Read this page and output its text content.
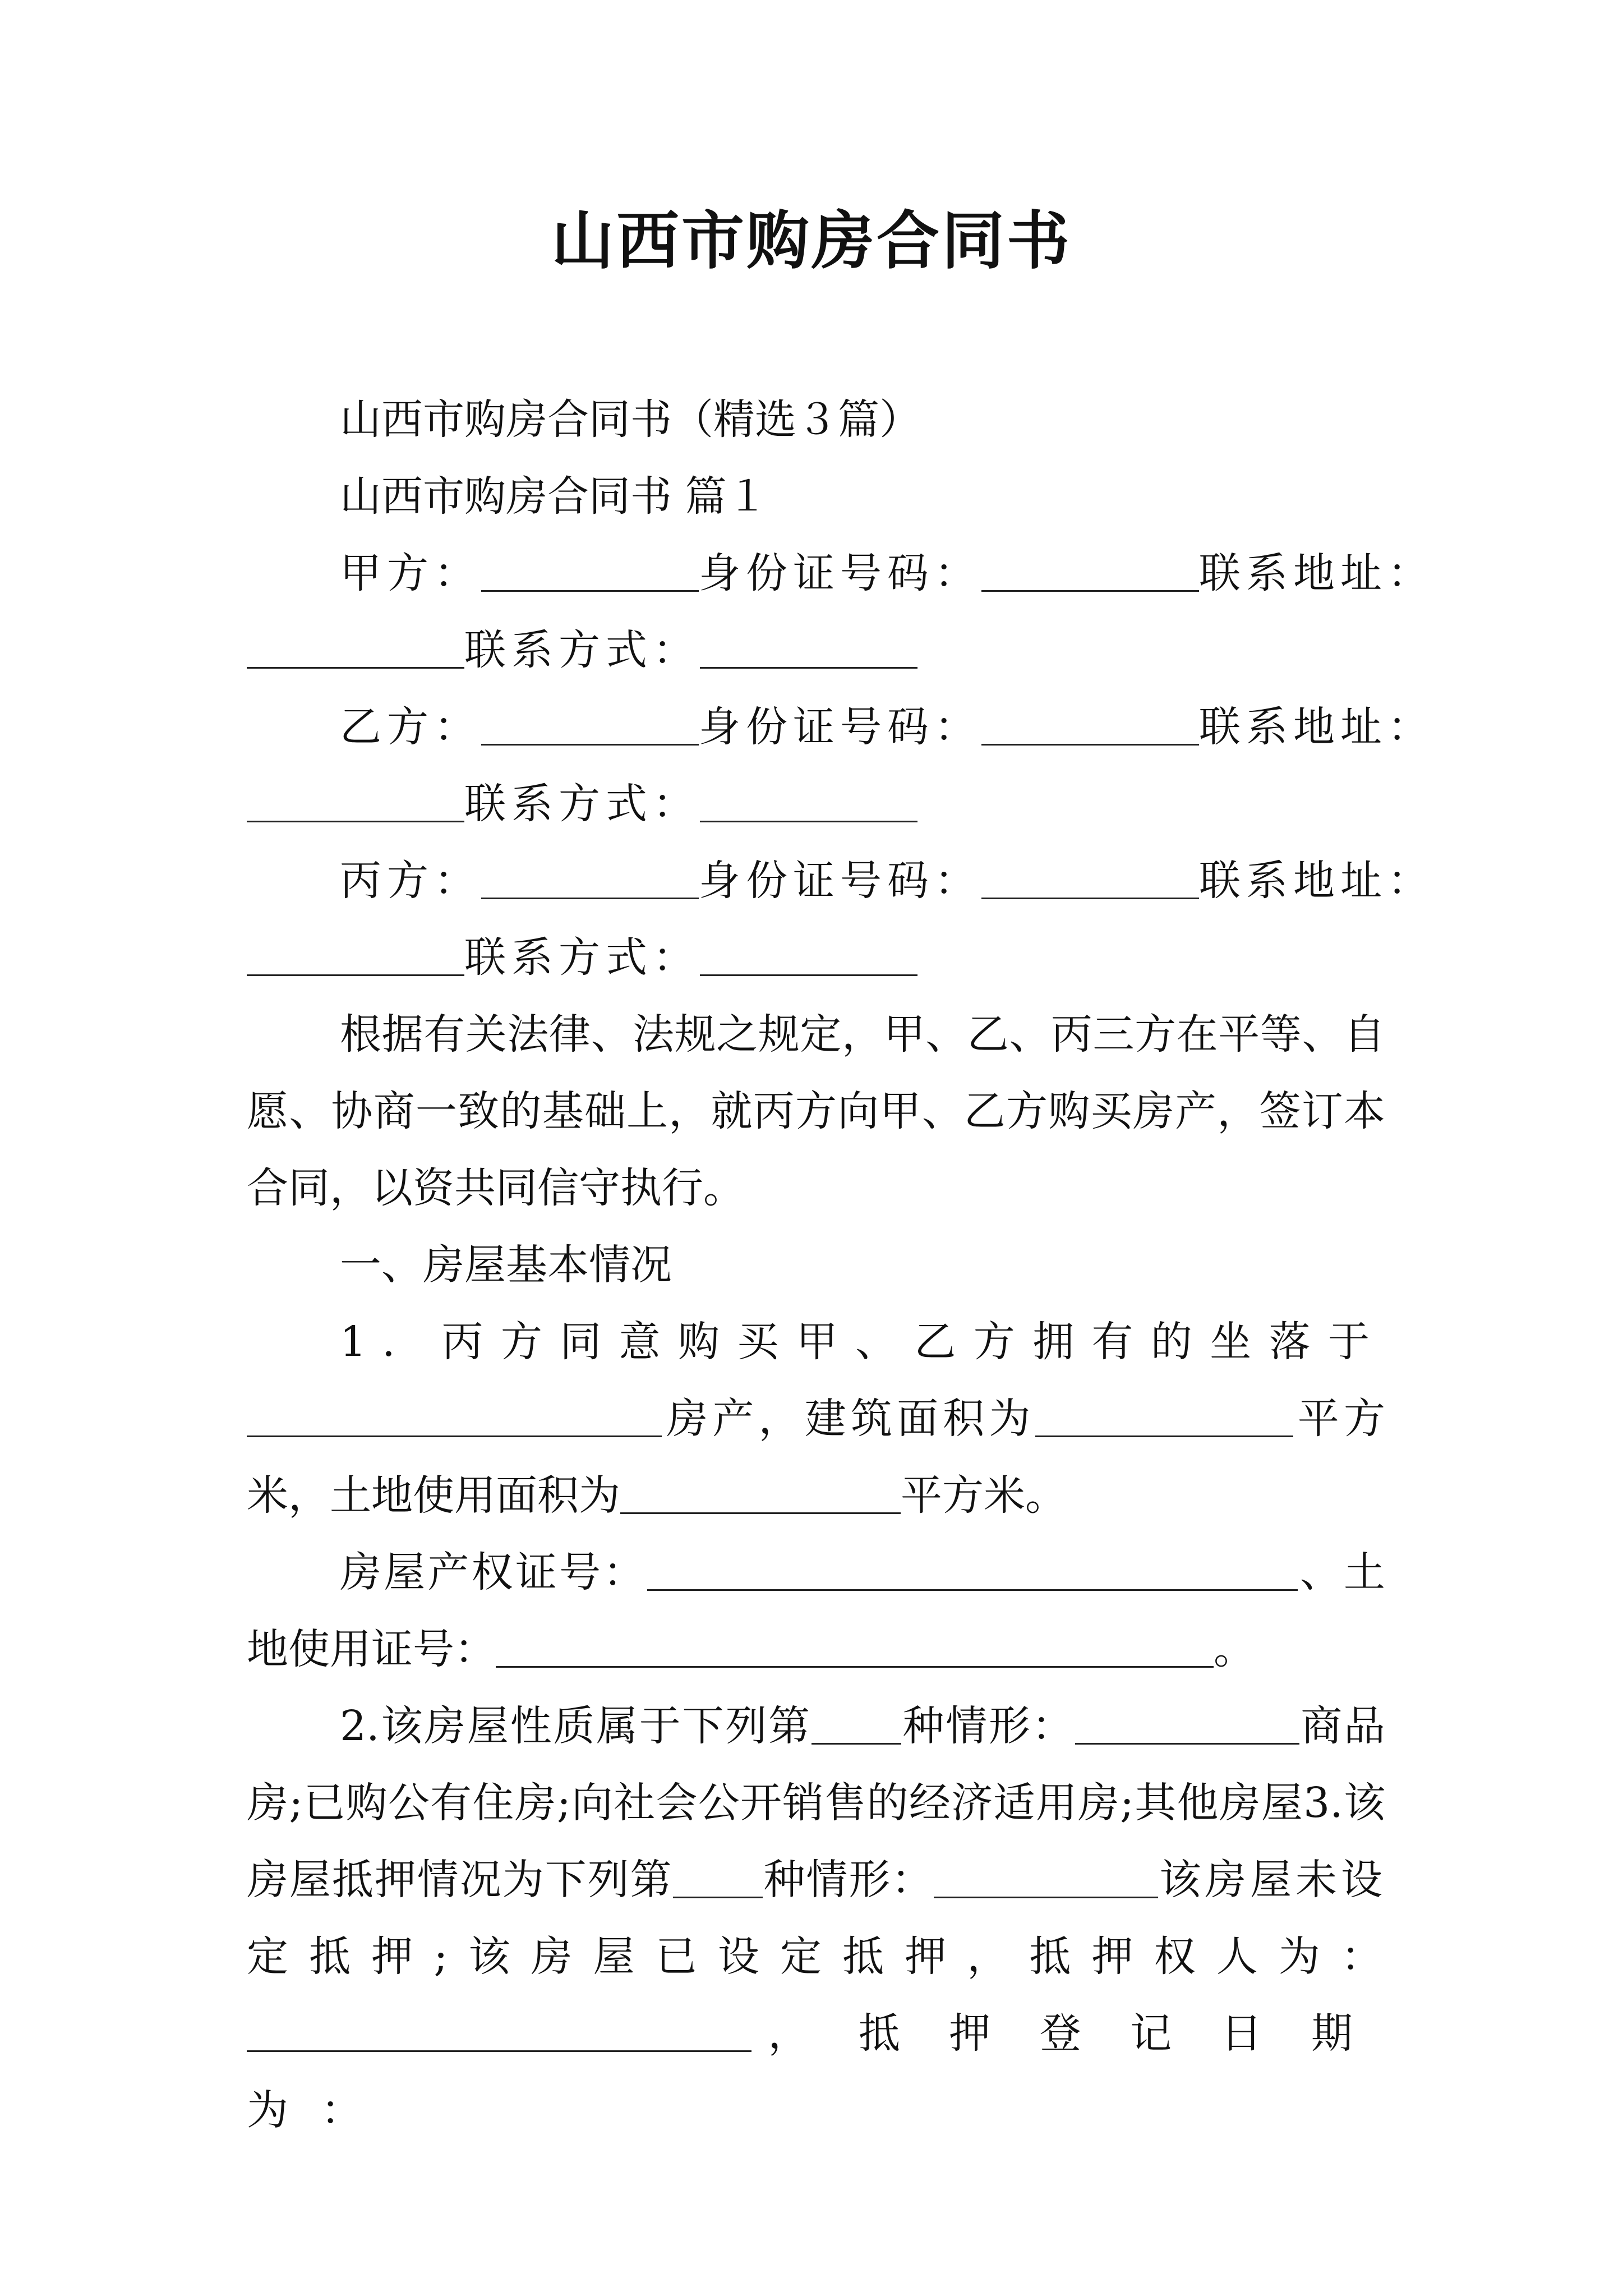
山西市购房合同书
山西市购房合同书（精选３篇）
山西市购房合同书 篇１
甲方：	身份证号码：	联系地址：
联系方式：
乙方：	身份证号码：	联系地址：
联系方式：
丙方：	身份证号码：	联系地址：
联系方式：
根据有关法律、法规之规定，甲、乙、丙三方在平等、自愿、协商一致的基础上，就丙方向甲、乙方购买房产，签订本合同，以资共同信守执行。
一、房屋基本情况
1. 丙方同意购买甲、乙方拥有的坐落于房产，建筑面积为	平方米，土地使用面积为	平方米。
房屋产权证号：	、土地使用证号：	。
2.该房屋性质属于下列第 种情形：	商品房;已购公有住房;向社会公开销售的经济适用房;其他房屋3.该房屋抵押情况为下列第 种情形：	该房屋未设定抵押;该房屋已设定抵押，抵押权人为：，抵押登记日期为：
